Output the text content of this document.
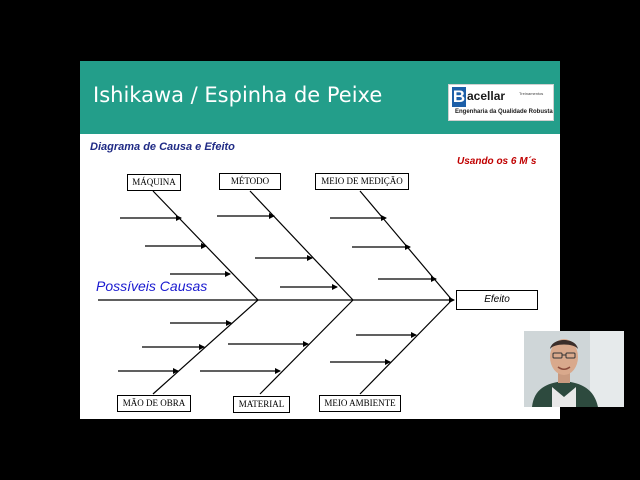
Ishikawa / Espinha de Peixe	B acellar	Treinamentos
Engenharia da Qualidade Robusta
Diagrama de Causa e Efeito
Usando os 6 M´s
MÁQUINA	MÉTODO	MEIO DE MEDIÇÃO
MÃO DE OBRA	MATERIAL	MEIO AMBIENTE
Possíveis Causas
Efeito
